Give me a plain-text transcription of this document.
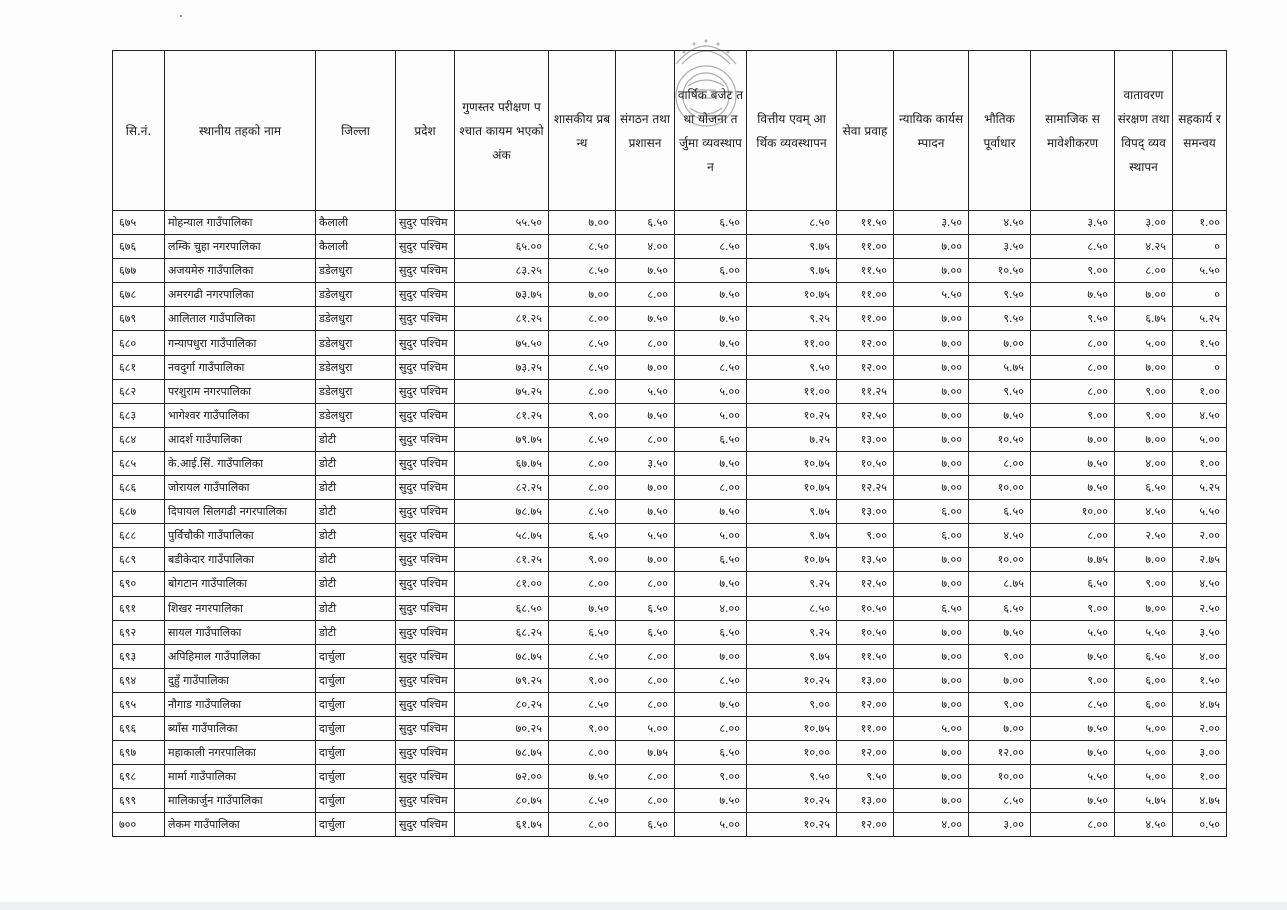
सि.नं.	स्थानीय तहको नाम	जिल्ला	प्रदेश	गुणस्तर परीक्षण पश्चात कायम भएको अंक	शासकीय प्रबन्ध	संगठन तथा प्रशासन	वार्षिक बजेट तथा योजना तर्जुमा व्यवस्थापन	वित्तीय एवम् आर्थिक व्यवस्थापन	सेवा प्रवाह	न्यायिक कार्यसम्पादन	भौतिक पूर्वाधार	सामाजिक समावेशीकरण	वातावरण संरक्षण तथा विपद् व्यवस्थापन	सहकार्य र समन्वय
६७५	मोहन्याल गाउँपालिका	कैलाली	सुदुर पश्चिम	५५.५०	७.००	६.५०	६.५०	८.५०	११.५०	३.५०	४.५०	३.५०	३.००	१.००
६७६	लम्कि चुहा नगरपालिका	कैलाली	सुदुर पश्चिम	६५.००	८.५०	४.००	८.५०	९.७५	११.००	७.००	३.५०	८.५०	४.२५	०
६७७	अजयमेरु गाउँपालिका	डडेलधुरा	सुदुर पश्चिम	८३.२५	८.५०	७.५०	६.००	९.७५	११.५०	७.००	१०.५०	९.००	८.००	५.५०
६७८	अमरगढी नगरपालिका	डडेलधुरा	सुदुर पश्चिम	७३.७५	७.००	८.००	७.५०	१०.७५	११.००	५.५०	९.५०	७.५०	७.००	०
६७९	आलिताल गाउँपालिका	डडेलधुरा	सुदुर पश्चिम	८१.२५	८.००	७.५०	७.५०	९.२५	११.००	७.००	९.५०	९.५०	६.७५	५.२५
६८०	गन्यापधुरा गाउँपालिका	डडेलधुरा	सुदुर पश्चिम	७५.५०	८.५०	८.००	७.५०	११.००	१२.००	७.००	७.००	८.००	५.००	१.५०
६८१	नवदुर्गा गाउँपालिका	डडेलधुरा	सुदुर पश्चिम	७३.२५	८.५०	७.००	८.५०	९.५०	१२.००	७.००	५.७५	८.००	७.००	०
६८२	परशुराम नगरपालिका	डडेलधुरा	सुदुर पश्चिम	७५.२५	८.००	५.५०	५.००	११.००	११.२५	७.००	९.५०	८.००	९.००	१.००
६८३	भागेश्वर गाउँपालिका	डडेलधुरा	सुदुर पश्चिम	८१.२५	९.००	७.५०	५.००	१०.२५	१२.५०	७.००	७.५०	९.००	९.००	४.५०
६८४	आदर्श गाउँपालिका	डोटी	सुदुर पश्चिम	७९.७५	८.५०	८.००	६.५०	७.२५	१३.००	७.००	१०.५०	७.००	७.००	५.००
६८५	के.आई.सिं. गाउँपालिका	डोटी	सुदुर पश्चिम	६७.७५	८.००	३.५०	७.५०	१०.७५	१०.५०	७.००	८.००	७.५०	४.००	१.००
६८६	जोरायल गाउँपालिका	डोटी	सुदुर पश्चिम	८२.२५	८.००	७.००	८.००	१०.७५	१२.२५	७.००	१०.००	७.५०	६.५०	५.२५
६८७	दिपायल सिलगढी नगरपालिका	डोटी	सुदुर पश्चिम	७८.७५	८.५०	७.५०	७.५०	९.७५	१३.००	६.००	६.५०	१०.००	४.५०	५.५०
६८८	पुर्विचौकी गाउँपालिका	डोटी	सुदुर पश्चिम	५८.७५	६.५०	५.५०	५.००	९.७५	९.००	६.००	४.५०	८.००	२.५०	२.००
६८९	बडीकेदार गाउँपालिका	डोटी	सुदुर पश्चिम	८१.२५	९.००	७.००	६.५०	१०.७५	१३.५०	७.००	१०.००	७.७५	७.००	२.७५
६९०	बोगटान गाउँपालिका	डोटी	सुदुर पश्चिम	८१.००	८.००	८.००	७.५०	९.२५	१२.५०	७.००	८.७५	६.५०	९.००	४.५०
६९१	शिखर नगरपालिका	डोटी	सुदुर पश्चिम	६८.५०	७.५०	६.५०	४.००	८.५०	१०.५०	६.५०	६.५०	९.००	७.००	२.५०
६९२	सायल गाउँपालिका	डोटी	सुदुर पश्चिम	६८.२५	६.५०	६.५०	६.५०	९.२५	१०.५०	७.००	७.५०	५.५०	५.५०	३.५०
६९३	अपिहिमाल गाउँपालिका	दार्चुला	सुदुर पश्चिम	७८.७५	८.५०	८.००	७.००	९.७५	११.५०	७.००	९.००	७.५०	६.५०	४.००
६९४	दुहुँ गाउँपालिका	दार्चुला	सुदुर पश्चिम	७९.२५	९.००	८.००	८.५०	१०.२५	१३.००	७.००	७.००	९.००	६.००	१.५०
६९५	नौगाड गाउँपालिका	दार्चुला	सुदुर पश्चिम	८०.२५	८.५०	८.००	७.५०	९.००	१२.००	७.००	९.००	८.५०	६.००	४.७५
६९६	ब्याँस गाउँपालिका	दार्चुला	सुदुर पश्चिम	७०.२५	९.००	५.००	८.००	१०.७५	११.००	५.००	७.००	७.५०	५.००	२.००
६९७	महाकाली नगरपालिका	दार्चुला	सुदुर पश्चिम	७८.७५	८.००	७.७५	६.५०	१०.००	१२.००	७.००	१२.००	७.५०	५.००	३.००
६९८	मार्मा गाउँपालिका	दार्चुला	सुदुर पश्चिम	७२.००	७.५०	८.००	९.००	९.५०	९.५०	७.००	१०.००	५.५०	५.००	१.००
६९९	मालिकार्जुन गाउँपालिका	दार्चुला	सुदुर पश्चिम	८०.७५	८.५०	८.००	७.५०	१०.२५	१३.००	७.००	८.५०	७.५०	५.७५	४.७५
७००	लेकम गाउँपालिका	दार्चुला	सुदुर पश्चिम	६१.७५	८.००	६.५०	५.००	१०.२५	१२.००	४.००	३.००	८.००	४.५०	०.५०
